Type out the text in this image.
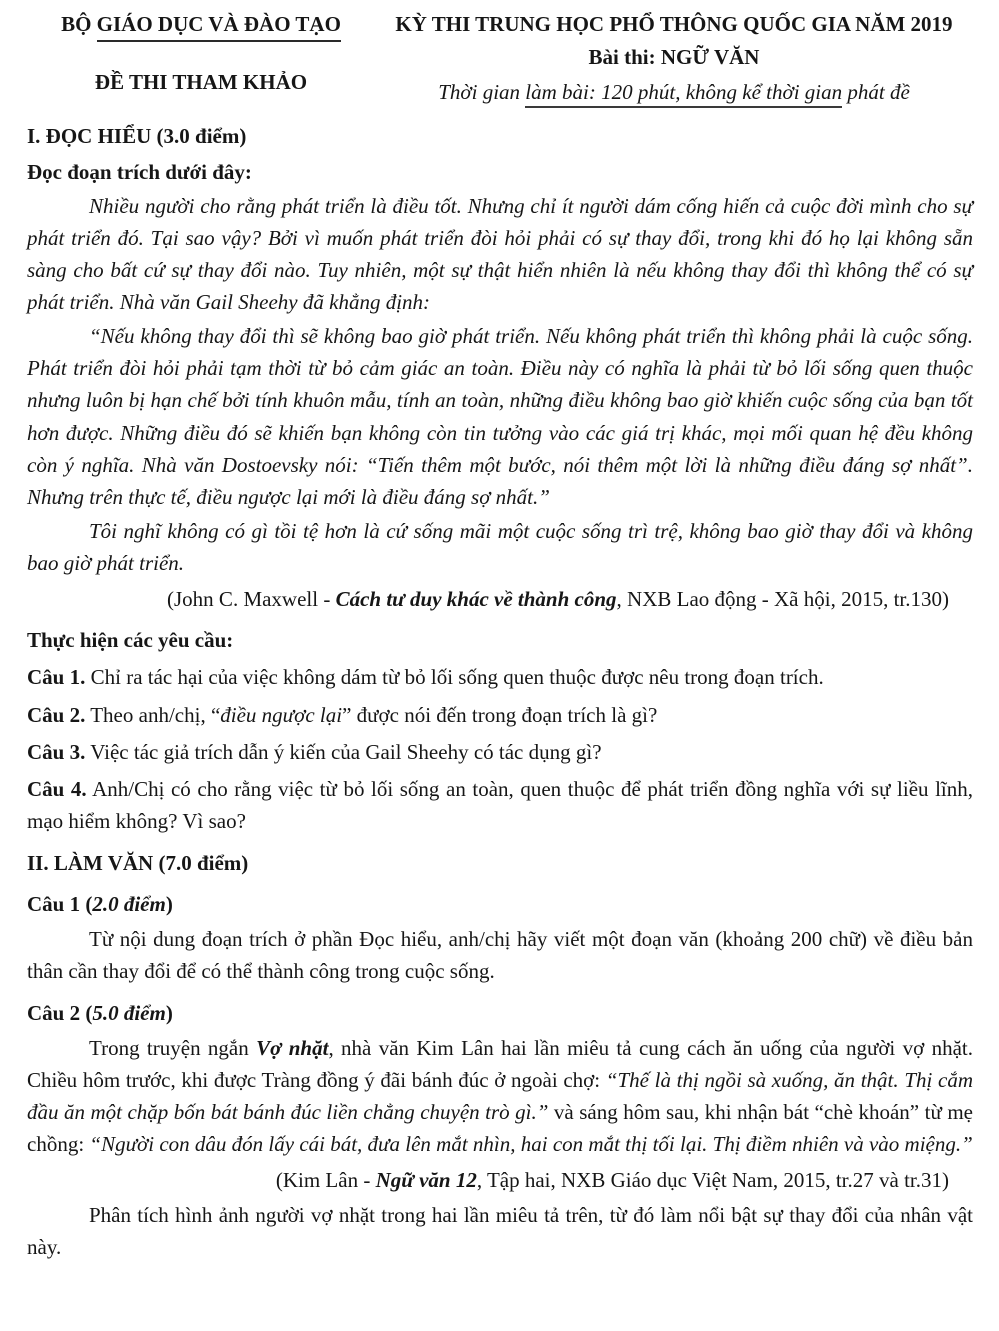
BỘ GIÁO DỤC VÀ ĐÀO TẠO
ĐỀ THI THAM KHẢO
KỲ THI TRUNG HỌC PHỔ THÔNG QUỐC GIA NĂM 2019
Bài thi: NGỮ VĂN
Thời gian làm bài: 120 phút, không kể thời gian phát đề
I. ĐỌC HIỂU (3.0 điểm)
Đọc đoạn trích dưới đây:

Nhiều người cho rằng phát triển là điều tốt. Nhưng chỉ ít người dám cống hiến cả cuộc đời mình cho sự phát triển đó. Tại sao vậy? Bởi vì muốn phát triển đòi hỏi phải có sự thay đổi, trong khi đó họ lại không sẵn sàng cho bất cứ sự thay đổi nào. Tuy nhiên, một sự thật hiển nhiên là nếu không thay đổi thì không thể có sự phát triển. Nhà văn Gail Sheehy đã khẳng định:

“Nếu không thay đổi thì sẽ không bao giờ phát triển. Nếu không phát triển thì không phải là cuộc sống. Phát triển đòi hỏi phải tạm thời từ bỏ cảm giác an toàn. Điều này có nghĩa là phải từ bỏ lối sống quen thuộc nhưng luôn bị hạn chế bởi tính khuôn mẫu, tính an toàn, những điều không bao giờ khiến cuộc sống của bạn tốt hơn được. Những điều đó sẽ khiến bạn không còn tin tưởng vào các giá trị khác, mọi mối quan hệ đều không còn ý nghĩa. Nhà văn Dostoevsky nói: “Tiến thêm một bước, nói thêm một lời là những điều đáng sợ nhất”. Nhưng trên thực tế, điều ngược lại mới là điều đáng sợ nhất.”

Tôi nghĩ không có gì tồi tệ hơn là cứ sống mãi một cuộc sống trì trệ, không bao giờ thay đổi và không bao giờ phát triển.

(John C. Maxwell - Cách tư duy khác về thành công, NXB Lao động - Xã hội, 2015, tr.130)

Thực hiện các yêu cầu:

Câu 1. Chỉ ra tác hại của việc không dám từ bỏ lối sống quen thuộc được nêu trong đoạn trích.

Câu 2. Theo anh/chị, “điều ngược lại” được nói đến trong đoạn trích là gì?

Câu 3. Việc tác giả trích dẫn ý kiến của Gail Sheehy có tác dụng gì?

Câu 4. Anh/Chị có cho rằng việc từ bỏ lối sống an toàn, quen thuộc để phát triển đồng nghĩa với sự liều lĩnh, mạo hiểm không? Vì sao?

II. LÀM VĂN (7.0 điểm)

Câu 1 (2.0 điểm)

Từ nội dung đoạn trích ở phần Đọc hiểu, anh/chị hãy viết một đoạn văn (khoảng 200 chữ) về điều bản thân cần thay đổi để có thể thành công trong cuộc sống.

Câu 2 (5.0 điểm)

Trong truyện ngắn Vợ nhặt, nhà văn Kim Lân hai lần miêu tả cung cách ăn uống của người vợ nhặt. Chiều hôm trước, khi được Tràng đồng ý đãi bánh đúc ở ngoài chợ: “Thế là thị ngồi sà xuống, ăn thật. Thị cắm đầu ăn một chặp bốn bát bánh đúc liền chẳng chuyện trò gì.” và sáng hôm sau, khi nhận bát “chè khoán” từ mẹ chồng: “Người con dâu đón lấy cái bát, đưa lên mắt nhìn, hai con mắt thị tối lại. Thị điềm nhiên và vào miệng.”

(Kim Lân - Ngữ văn 12, Tập hai, NXB Giáo dục Việt Nam, 2015, tr.27 và tr.31)

Phân tích hình ảnh người vợ nhặt trong hai lần miêu tả trên, từ đó làm nổi bật sự thay đổi của nhân vật này.
